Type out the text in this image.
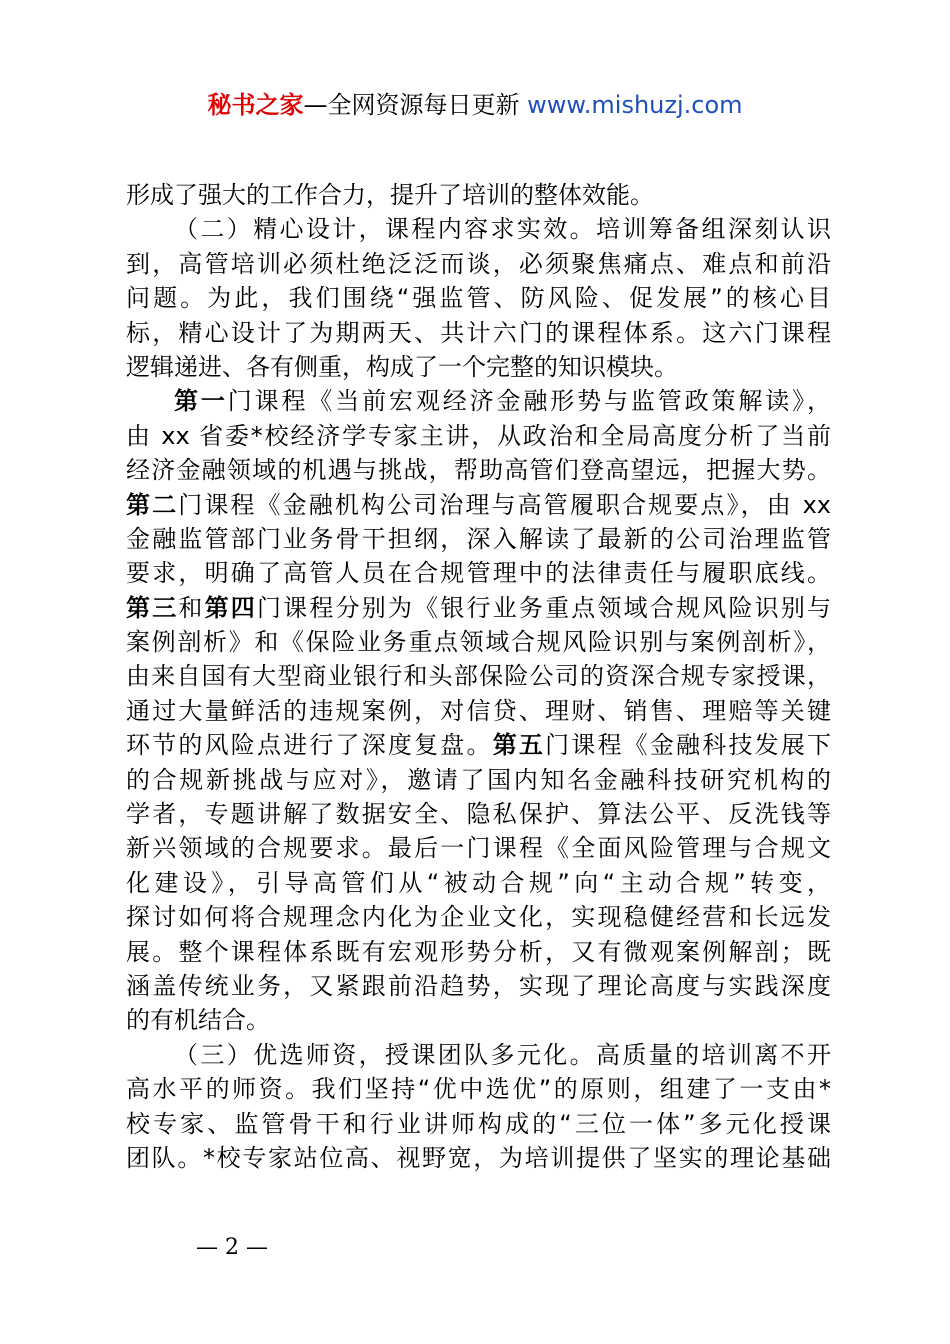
秘书之家—全网资源每日更新 www.mishuzj.com
形成了强大的工作合力，提升了培训的整体效能。
（二）精心设计，课程内容求实效。培训筹备组深刻认识
到，高管培训必须杜绝泛泛而谈，必须聚焦痛点、难点和前沿
问题。为此，我们围绕“强监管、防风险、促发展”的核心目
标，精心设计了为期两天、共计六门的课程体系。这六门课程
逻辑递进、各有侧重，构成了一个完整的知识模块。
第一门课程《当前宏观经济金融形势与监管政策解读》，
由 xx 省委*校经济学专家主讲，从政治和全局高度分析了当前
经济金融领域的机遇与挑战，帮助高管们登高望远，把握大势。
第二门课程《金融机构公司治理与高管履职合规要点》，由 xx
金融监管部门业务骨干担纲，深入解读了最新的公司治理监管
要求，明确了高管人员在合规管理中的法律责任与履职底线。
第三和第四门课程分别为《银行业务重点领域合规风险识别与
案例剖析》和《保险业务重点领域合规风险识别与案例剖析》，
由来自国有大型商业银行和头部保险公司的资深合规专家授课，
通过大量鲜活的违规案例，对信贷、理财、销售、理赔等关键
环节的风险点进行了深度复盘。第五门课程《金融科技发展下
的合规新挑战与应对》，邀请了国内知名金融科技研究机构的
学者，专题讲解了数据安全、隐私保护、算法公平、反洗钱等
新兴领域的合规要求。最后一门课程《全面风险管理与合规文
化建设》，引导高管们从“被动合规”向“主动合规”转变，
探讨如何将合规理念内化为企业文化，实现稳健经营和长远发
展。整个课程体系既有宏观形势分析，又有微观案例解剖；既
涵盖传统业务，又紧跟前沿趋势，实现了理论高度与实践深度
的有机结合。
（三）优选师资，授课团队多元化。高质量的培训离不开
高水平的师资。我们坚持“优中选优”的原则，组建了一支由*
校专家、监管骨干和行业讲师构成的“三位一体”多元化授课
团队。*校专家站位高、视野宽，为培训提供了坚实的理论基础
— 2 —
